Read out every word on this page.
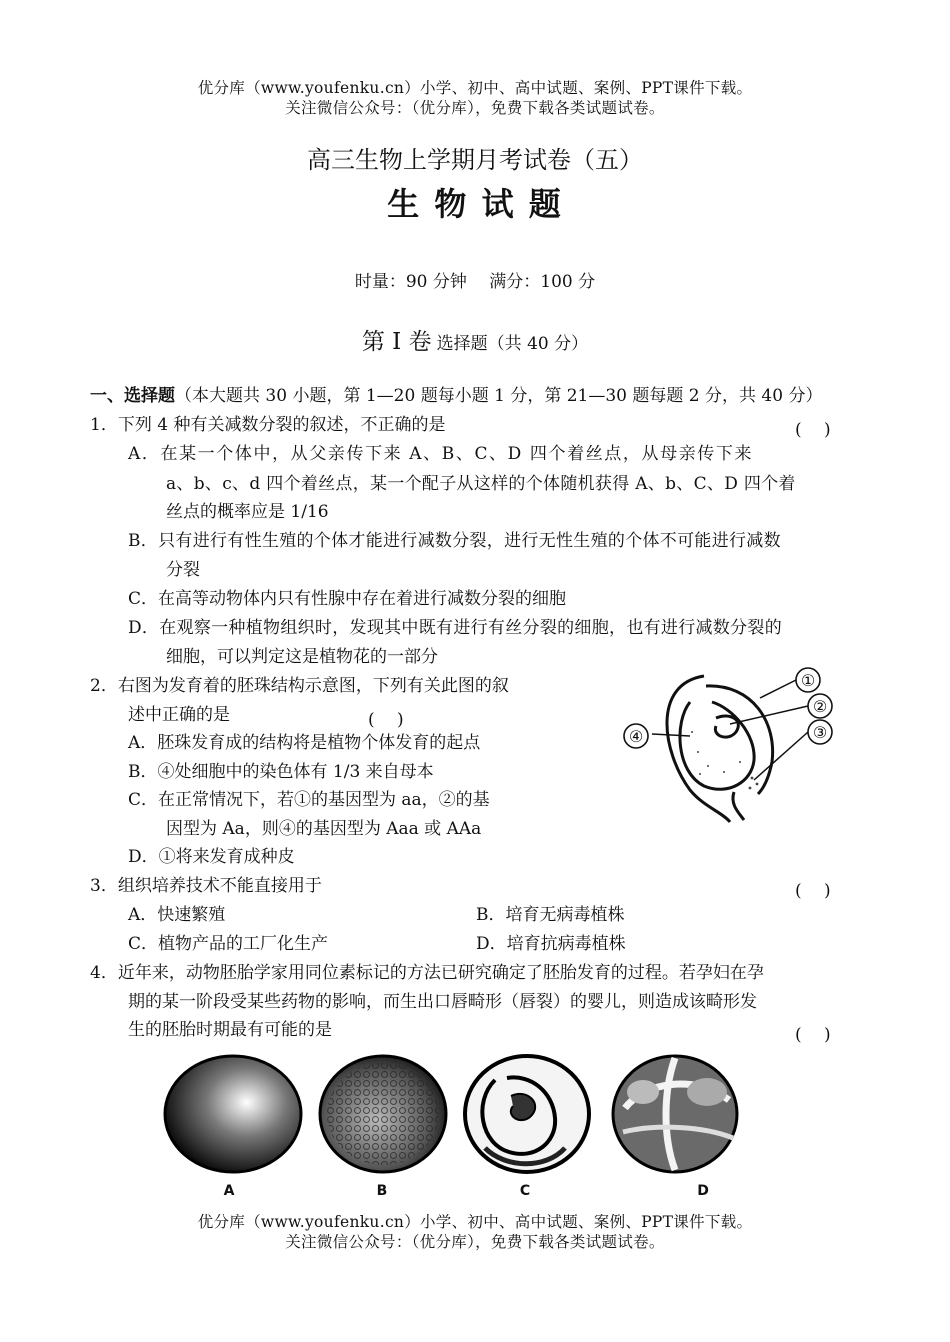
优分库（www.youfenku.cn）小学、初中、高中试题、案例、PPT课件下载。
关注微信公众号：（优分库），免费下载各类试题试卷。
高三生物上学期月考试卷（五）
生 物 试 题
时量：90 分钟　 满分：100 分
第 Ⅰ 卷 选择题（共 40 分）
一、选择题（本大题共 30 小题，第 1—20 题每小题 1 分，第 21—30 题每题 2 分，共 40 分）
1．下列 4 种有关减数分裂的叙述，不正确的是	(　 )
A．在某一个体中，从父亲传下来 A、B、C、D 四个着丝点，从母亲传下来
a、b、c、d 四个着丝点，某一个配子从这样的个体随机获得 A、b、C、D 四个着
丝点的概率应是 1/16
B．只有进行有性生殖的个体才能进行减数分裂，进行无性生殖的个体不可能进行减数
分裂
C．在高等动物体内只有性腺中存在着进行减数分裂的细胞
D．在观察一种植物组织时，发现其中既有进行有丝分裂的细胞，也有进行减数分裂的
细胞，可以判定这是植物花的一部分
2．右图为发育着的胚珠结构示意图，下列有关此图的叙
述中正确的是	(　 )
A．胚珠发育成的结构将是植物个体发育的起点
B．④处细胞中的染色体有 1/3 来自母本
C．在正常情况下，若①的基因型为 aa，②的基
因型为 Aa，则④的基因型为 Aaa 或 AAa
D．①将来发育成种皮
①
②
③
④
3．组织培养技术不能直接用于	(　 )
A．快速繁殖	B．培育无病毒植株
C．植物产品的工厂化生产	D．培育抗病毒植株
4．近年来，动物胚胎学家用同位素标记的方法已研究确定了胚胎发育的过程。若孕妇在孕
期的某一阶段受某些药物的影响，而生出口唇畸形（唇裂）的婴儿，则造成该畸形发
生的胚胎时期最有可能的是	(　 )
A	B	C	D
优分库（www.youfenku.cn）小学、初中、高中试题、案例、PPT课件下载。
关注微信公众号：（优分库），免费下载各类试题试卷。
